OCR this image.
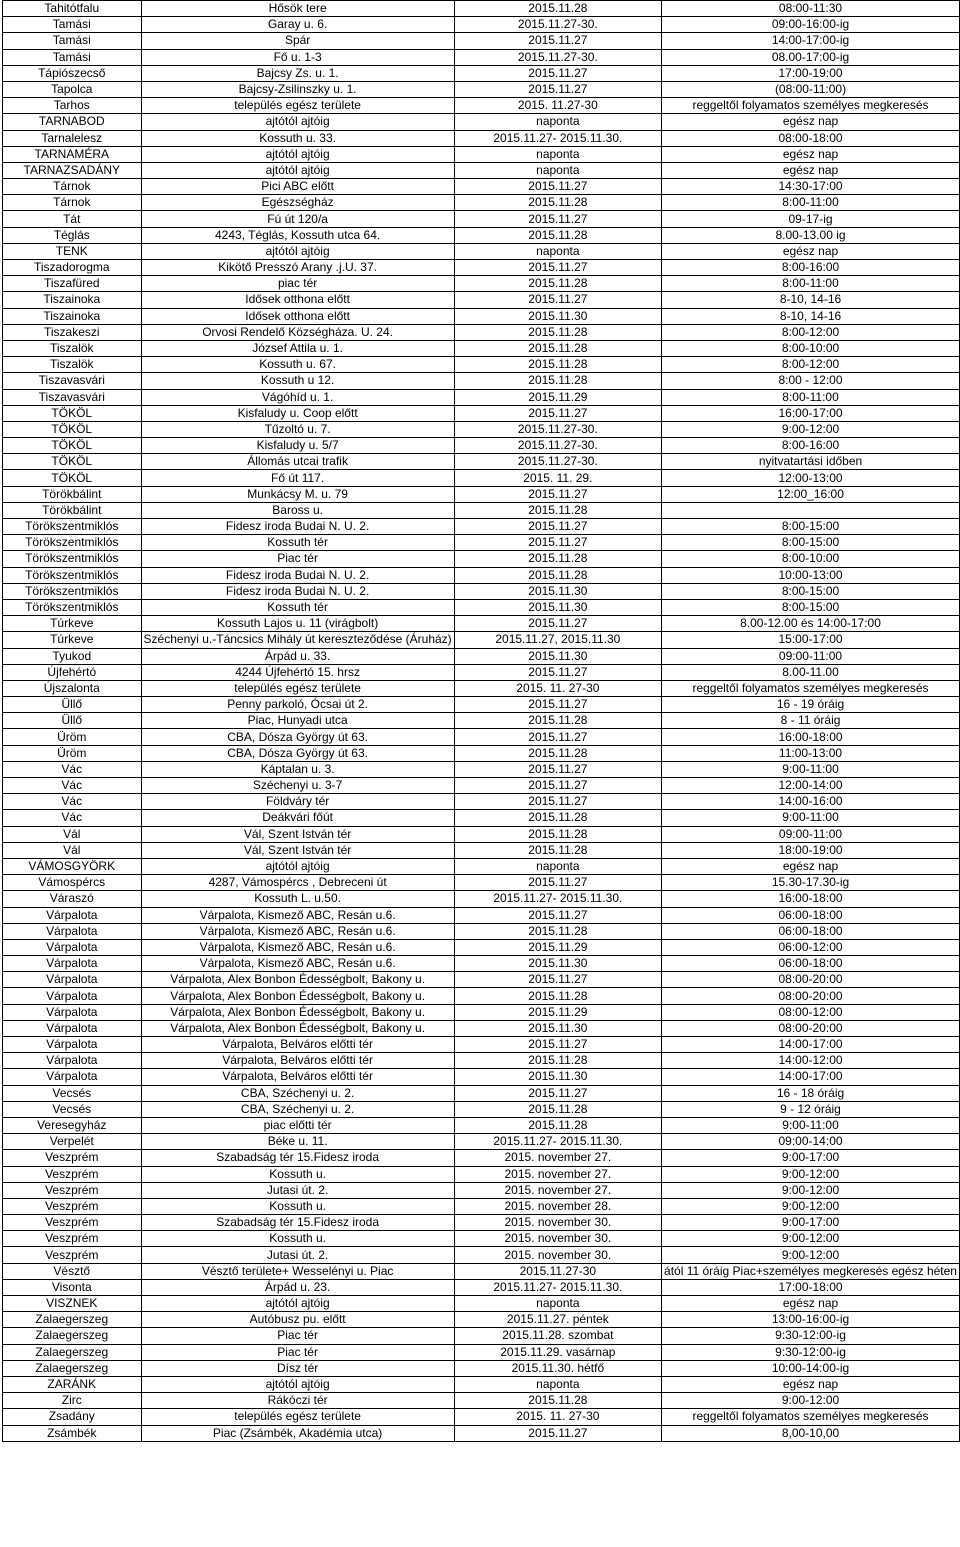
Tahitótfalu	Hősök tere	2015.11.28	08:00-11:30
Tamási	Garay u. 6.	2015.11.27-30.	09:00-16:00-ig
Tamási	Spár	2015.11.27	14:00-17:00-ig
Tamási	Fő u. 1-3	2015.11.27-30.	08.00-17:00-ig
Tápiószecső	Bajcsy Zs. u. 1.	2015.11.27	17:00-19:00
Tapolca	Bajcsy-Zsilinszky u. 1.	2015.11.27	(08:00-11:00)
Tarhos	település egész területe	2015. 11.27-30	reggeltől folyamatos személyes megkeresés
TARNABOD	ajtótól ajtóig	naponta	egész nap
Tarnalelesz	Kossuth u. 33.	2015.11.27- 2015.11.30.	08:00-18:00
TARNAMÉRA	ajtótól ajtóig	naponta	egész nap
TARNAZSADÁNY	ajtótól ajtóig	naponta	egész nap
Tárnok	Pici ABC előtt	2015.11.27	14:30-17:00
Tárnok	Egészségház	2015.11.28	8:00-11:00
Tát	Fú út 120/a	2015.11.27	09-17-ig
Téglás	4243, Téglás, Kossuth utca 64.	2015.11.28	8.00-13.00 ig
TENK	ajtótól ajtóig	naponta	egész nap
Tiszadorogma	Kikötő Presszó Arany .j.U. 37.	2015.11.27	8:00-16:00
Tiszafüred	piac tér	2015.11.28	8:00-11:00
Tiszainoka	Idősek otthona előtt	2015.11.27	8-10, 14-16
Tiszainoka	Idősek otthona előtt	2015.11.30	8-10, 14-16
Tiszakeszi	Orvosi Rendelő Községháza. U. 24.	2015.11.28	8:00-12:00
Tiszalök	József Attila u. 1.	2015.11.28	8:00-10:00
Tiszalök	Kossuth u. 67.	2015.11.28	8:00-12:00
Tiszavasvári	Kossuth u 12.	2015.11.28	8:00 - 12:00
Tiszavasvári	Vágóhíd u. 1.	2015.11.29	8:00-11:00
TÖKÖL	Kisfaludy u. Coop előtt	2015.11.27	16:00-17:00
TÖKÖL	Tűzoltó u. 7.	2015.11.27-30.	9:00-12:00
TÖKÖL	Kisfaludy u. 5/7	2015.11.27-30.	8:00-16:00
TÖKÖL	Állomás utcai trafik	2015.11.27-30.	nyitvatartási időben
TÖKÖL	Fő út 117.	2015. 11. 29.	12:00-13:00
Törökbálint	Munkácsy M. u. 79	2015.11.27	12:00_16:00
Törökbálint	Baross u.	2015.11.28	
Törökszentmiklós	Fidesz iroda Budai N. U. 2.	2015.11.27	8:00-15:00
Törökszentmiklós	Kossuth tér	2015.11.27	8:00-15:00
Törökszentmiklós	Piac tér	2015.11.28	8:00-10:00
Törökszentmiklós	Fidesz iroda Budai N. U. 2.	2015.11.28	10:00-13:00
Törökszentmiklós	Fidesz iroda Budai N. U. 2.	2015.11.30	8:00-15:00
Törökszentmiklós	Kossuth tér	2015.11.30	8:00-15:00
Túrkeve	Kossuth Lajos u. 11 (virágbolt)	2015.11.27	8.00-12.00 és 14:00-17:00
Túrkeve	Széchenyi u.-Táncsics Mihály út kereszteződése (Áruház)	2015.11.27, 2015.11.30	15:00-17:00
Tyukod	Árpád u. 33.	2015.11.30	09:00-11:00
Újfehértó	4244 Újfehértó 15. hrsz	2015.11.27	8.00-11.00
Újszalonta	település egész területe	2015. 11. 27-30	reggeltől folyamatos személyes megkeresés
Üllő	Penny parkoló, Ócsai út 2.	2015.11.27	16 - 19 óráig
Üllő	Piac, Hunyadi utca	2015.11.28	8 - 11 óráig
Üröm	CBA, Dósza György út 63.	2015.11.27	16:00-18:00
Üröm	CBA, Dósza György út 63.	2015.11.28	11:00-13:00
Vác	Káptalan u. 3.	2015.11.27	9:00-11:00
Vác	Széchenyi u. 3-7	2015.11.27	12:00-14:00
Vác	Földváry tér	2015.11.27	14:00-16:00
Vác	Deákvári főút	2015.11.28	9:00-11:00
Vál	Vál, Szent István tér	2015.11.28	09:00-11:00
Vál	Vál, Szent István tér	2015.11.28	18:00-19:00
VÁMOSGYÖRK	ajtótól ajtóig	naponta	egész nap
Vámospércs	4287, Vámospércs , Debreceni út	2015.11.27	15.30-17.30-ig
Váraszó	Kossuth L. u.50.	2015.11.27- 2015.11.30.	16:00-18:00
Várpalota	Várpalota, Kismező ABC, Resán u.6.	2015.11.27	06:00-18:00
Várpalota	Várpalota, Kismező ABC, Resán u.6.	2015.11.28	06:00-18:00
Várpalota	Várpalota, Kismező ABC, Resán u.6.	2015.11.29	06:00-12:00
Várpalota	Várpalota, Kismező ABC, Resán u.6.	2015.11.30	06:00-18:00
Várpalota	Várpalota, Alex Bonbon Édességbolt, Bakony u.	2015.11.27	08:00-20:00
Várpalota	Várpalota, Alex Bonbon Édességbolt, Bakony u.	2015.11.28	08:00-20:00
Várpalota	Várpalota, Alex Bonbon Édességbolt, Bakony u.	2015.11.29	08:00-12:00
Várpalota	Várpalota, Alex Bonbon Édességbolt, Bakony u.	2015.11.30	08:00-20:00
Várpalota	Várpalota, Belváros előtti tér	2015.11.27	14:00-17:00
Várpalota	Várpalota, Belváros előtti tér	2015.11.28	14:00-12:00
Várpalota	Várpalota, Belváros előtti tér	2015.11.30	14:00-17:00
Vecsés	CBA, Széchenyi u. 2.	2015.11.27	16 - 18 óráig
Vecsés	CBA, Széchenyi u. 2.	2015.11.28	9 - 12 óráig
Veresegyház	piac előtti tér	2015.11.28	9:00-11:00
Verpelét	Béke u. 11.	2015.11.27- 2015.11.30.	09:00-14:00
Veszprém	Szabadság tér 15.Fidesz iroda	2015. november 27.	9:00-17:00
Veszprém	Kossuth u.	2015. november 27.	9:00-12:00
Veszprém	Jutasi út. 2.	2015. november 27.	9:00-12:00
Veszprém	Kossuth u.	2015. november 28.	9:00-12:00
Veszprém	Szabadság tér 15.Fidesz iroda	2015. november 30.	9:00-17:00
Veszprém	Kossuth u.	2015. november 30.	9:00-12:00
Veszprém	Jutasi út. 2.	2015. november 30.	9:00-12:00
Vésztő	Vésztő területe+ Wesselényi u. Piac	2015.11.27-30	ától 11 óráig Piac+személyes megkeresés egész héten
Visonta	Árpád u. 23.	2015.11.27- 2015.11.30.	17:00-18:00
VISZNEK	ajtótól ajtóig	naponta	egész nap
Zalaegerszeg	Autóbusz pu. előtt	2015.11.27. péntek	13:00-16:00-ig
Zalaegerszeg	Piac tér	2015.11.28. szombat	9:30-12:00-ig
Zalaegerszeg	Piac tér	2015.11.29. vasárnap	9:30-12:00-ig
Zalaegerszeg	Dísz tér	2015.11.30. hétfő	10:00-14:00-ig
ZARÁNK	ajtótól ajtóig	naponta	egész nap
Zirc	Rákóczi tér	2015.11.28	9:00-12:00
Zsadány	település egész területe	2015. 11. 27-30	reggeltől folyamatos személyes megkeresés
Zsámbék	Piac (Zsámbék, Akadémia utca)	2015.11.27	8,00-10,00
